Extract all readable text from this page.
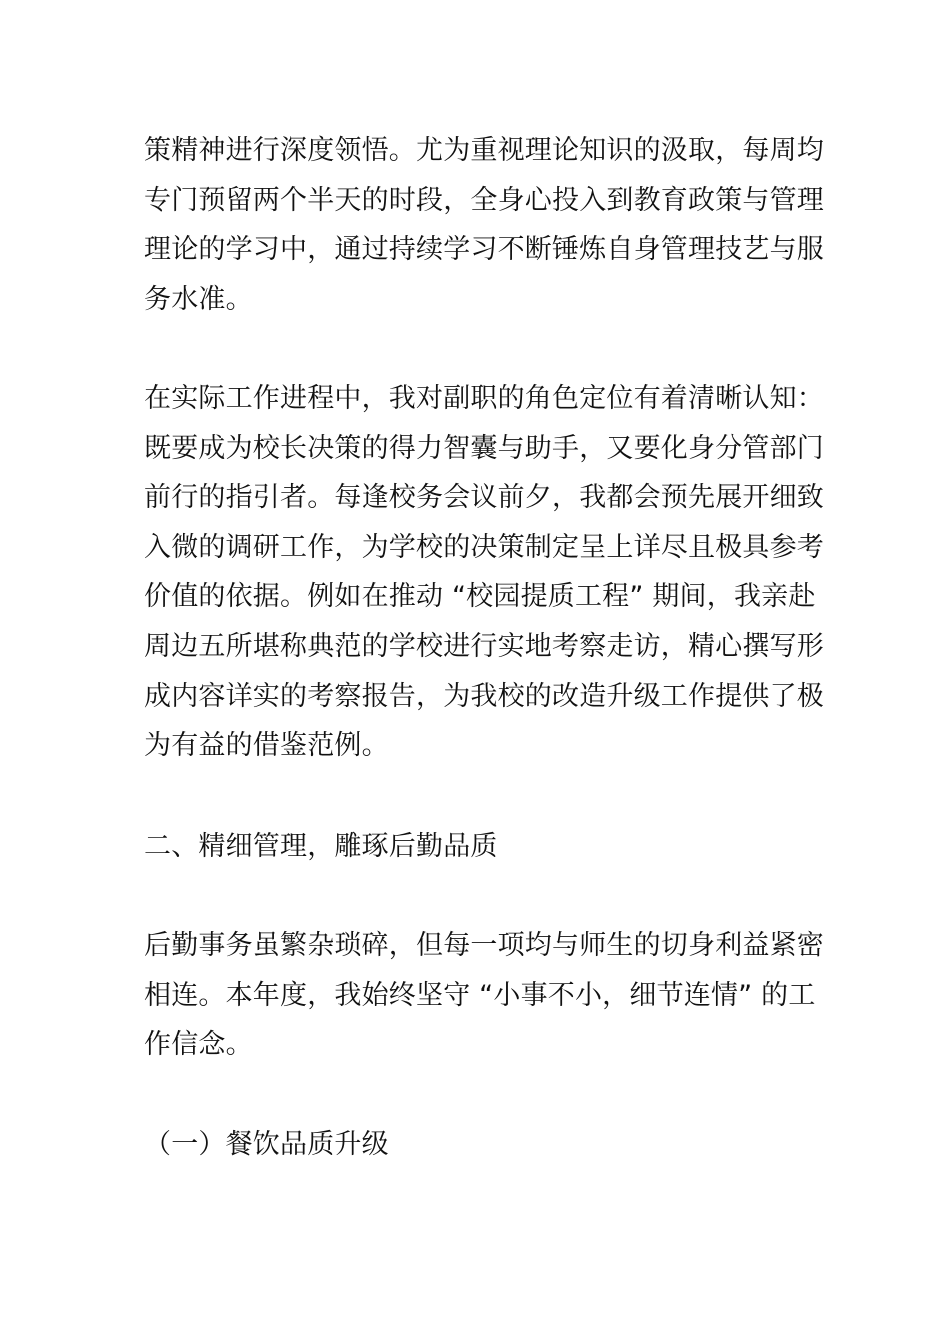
策精神进行深度领悟。尤为重视理论知识的汲取，每周均
专门预留两个半天的时段，全身心投入到教育政策与管理
理论的学习中，通过持续学习不断锤炼自身管理技艺与服
务水准。
在实际工作进程中，我对副职的角色定位有着清晰认知：
既要成为校长决策的得力智囊与助手，又要化身分管部门
前行的指引者。每逢校务会议前夕，我都会预先展开细致
入微的调研工作，为学校的决策制定呈上详尽且极具参考
价值的依据。例如在推动 “校园提质工程” 期间，我亲赴
周边五所堪称典范的学校进行实地考察走访，精心撰写形
成内容详实的考察报告，为我校的改造升级工作提供了极
为有益的借鉴范例。
二、精细管理，雕琢后勤品质
后勤事务虽繁杂琐碎，但每一项均与师生的切身利益紧密
相连。本年度，我始终坚守 “小事不小，细节连情” 的工
作信念。
（一）餐饮品质升级
